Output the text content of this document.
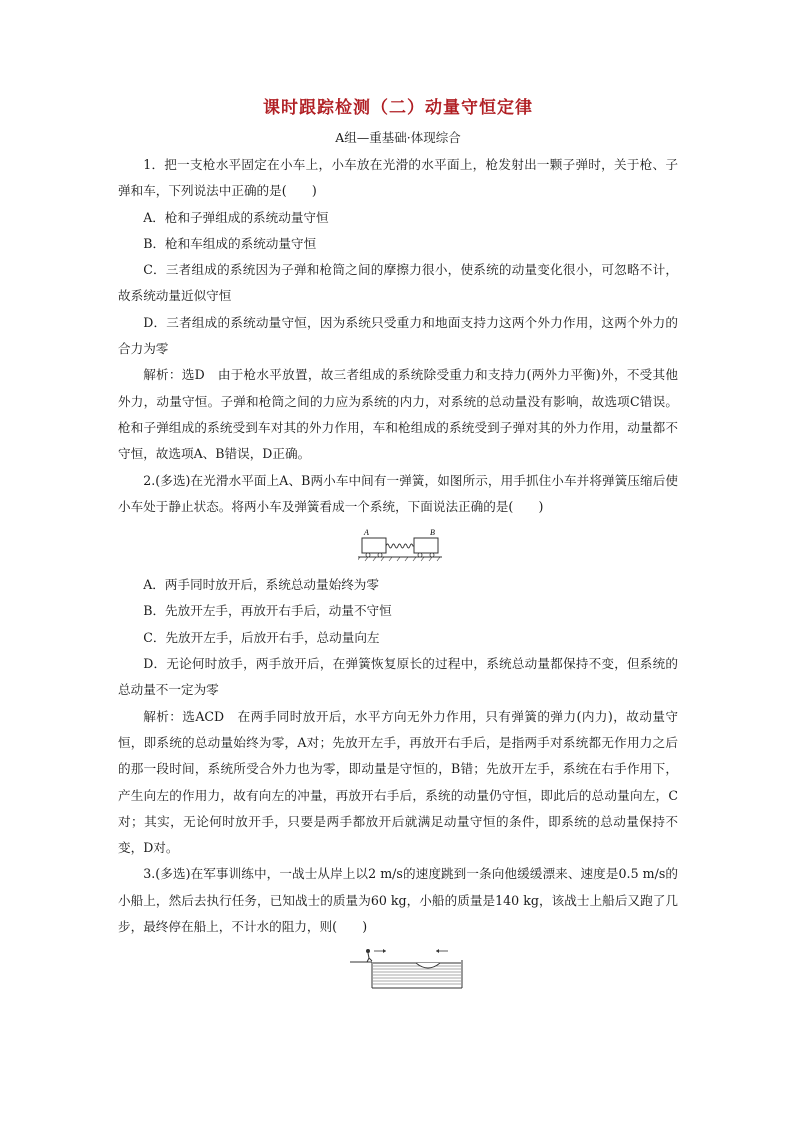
课时跟踪检测（二）动量守恒定律
A组—重基础·体现综合

1．把一支枪水平固定在小车上，小车放在光滑的水平面上，枪发射出一颗子弹时，关于枪、子弹和车，下列说法中正确的是(　　)

A．枪和子弹组成的系统动量守恒

B．枪和车组成的系统动量守恒

C．三者组成的系统因为子弹和枪筒之间的摩擦力很小，使系统的动量变化很小，可忽略不计，故系统动量近似守恒

D．三者组成的系统动量守恒，因为系统只受重力和地面支持力这两个外力作用，这两个外力的合力为零

解析：选D　由于枪水平放置，故三者组成的系统除受重力和支持力(两外力平衡)外，不受其他外力，动量守恒。子弹和枪筒之间的力应为系统的内力，对系统的总动量没有影响，故选项C错误。枪和子弹组成的系统受到车对其的外力作用，车和枪组成的系统受到子弹对其的外力作用，动量都不守恒，故选项A、B错误，D正确。

2.(多选)在光滑水平面上A、B两小车中间有一弹簧，如图所示，用手抓住小车并将弹簧压缩后使小车处于静止状态。将两小车及弹簧看成一个系统，下面说法正确的是(　　)

A	B

A．两手同时放开后，系统总动量始终为零

B．先放开左手，再放开右手后，动量不守恒

C．先放开左手，后放开右手，总动量向左

D．无论何时放手，两手放开后，在弹簧恢复原长的过程中，系统总动量都保持不变，但系统的总动量不一定为零

解析：选ACD　在两手同时放开后，水平方向无外力作用，只有弹簧的弹力(内力)，故动量守恒，即系统的总动量始终为零，A对；先放开左手，再放开右手后，是指两手对系统都无作用力之后的那一段时间，系统所受合外力也为零，即动量是守恒的，B错；先放开左手，系统在右手作用下，产生向左的作用力，故有向左的冲量，再放开右手后，系统的动量仍守恒，即此后的总动量向左，C对；其实，无论何时放开手，只要是两手都放开后就满足动量守恒的条件，即系统的总动量保持不变，D对。

3.(多选)在军事训练中，一战士从岸上以2 m/s的速度跳到一条向他缓缓漂来、速度是0.5 m/s的小船上，然后去执行任务，已知战士的质量为60 kg，小船的质量是140 kg，该战士上船后又跑了几步，最终停在船上，不计水的阻力，则(　　)
